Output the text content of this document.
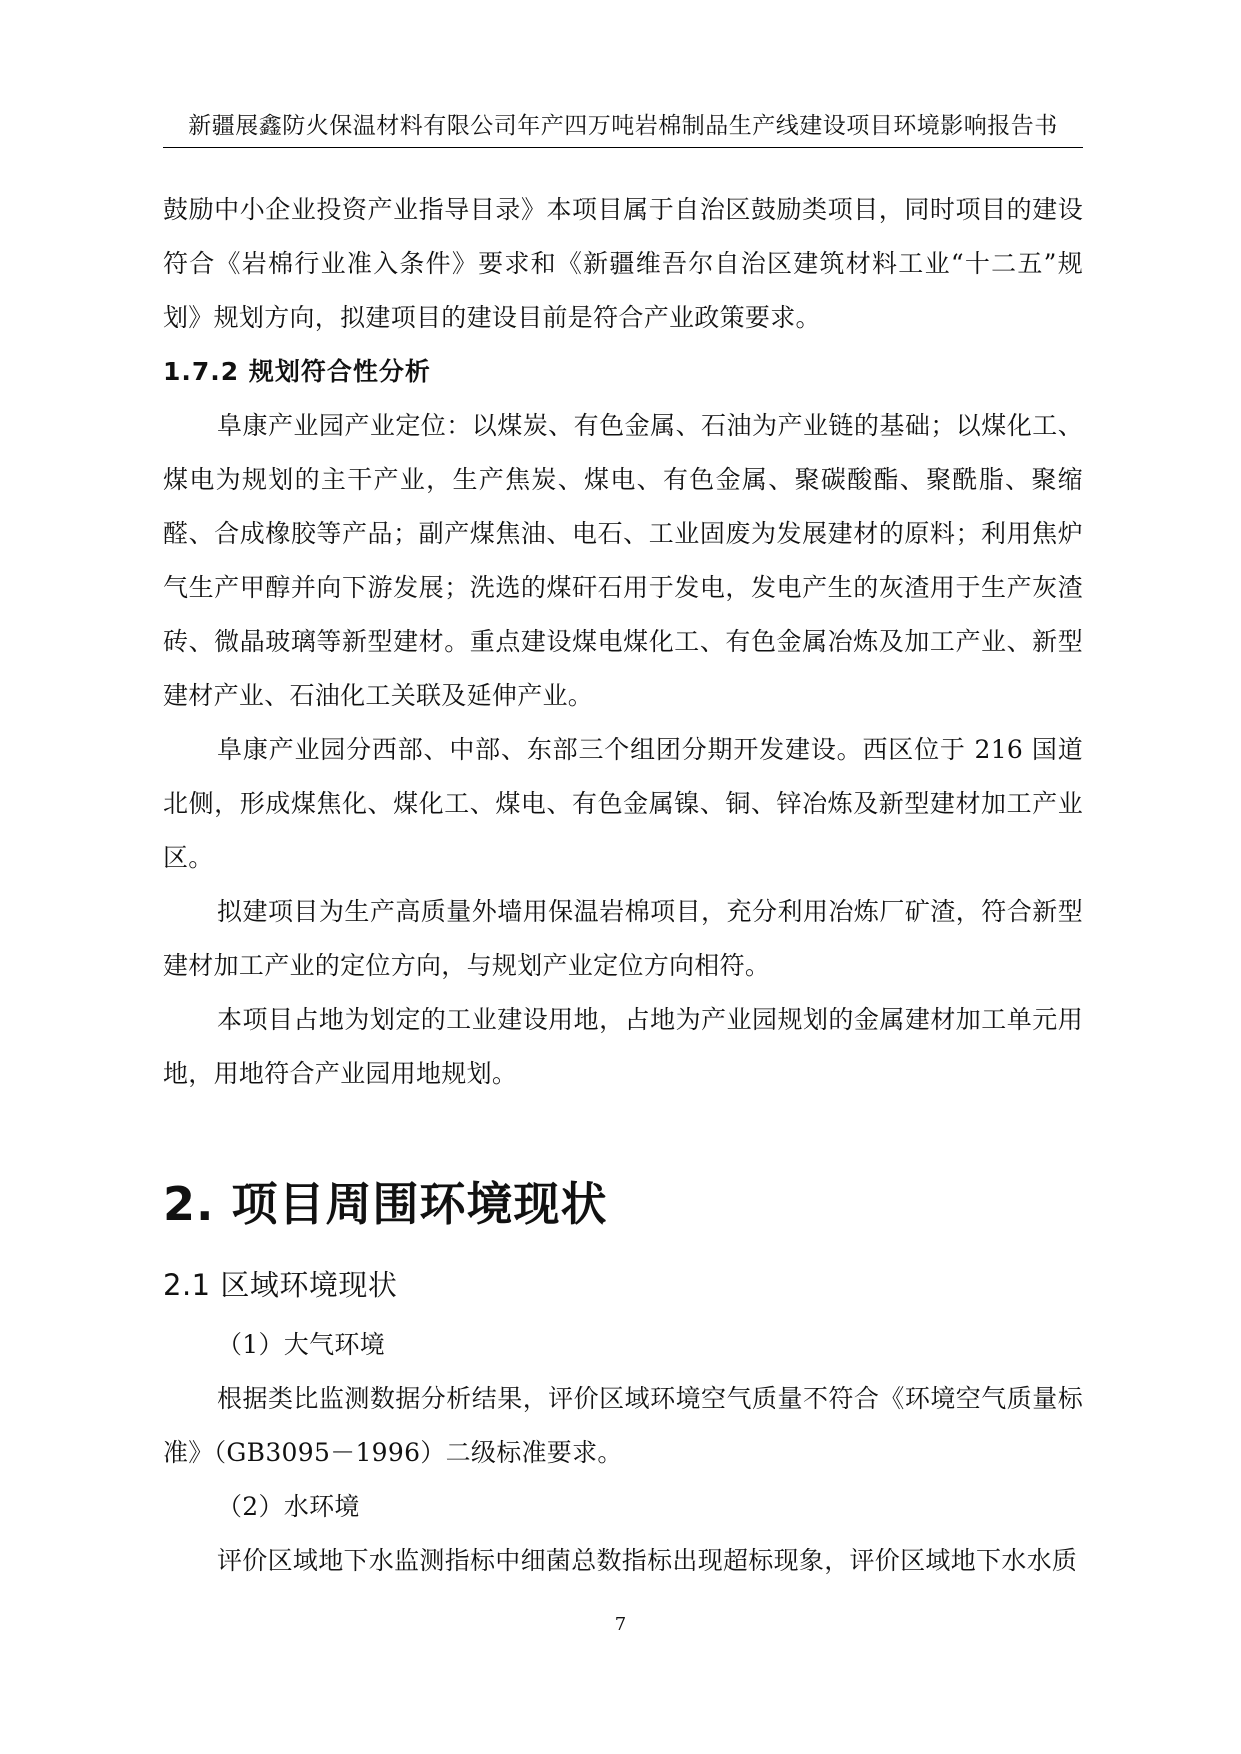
新疆展鑫防火保温材料有限公司年产四万吨岩棉制品生产线建设项目环境影响报告书

鼓励中小企业投资产业指导目录》本项目属于自治区鼓励类项目，同时项目的建设符合《岩棉行业准入条件》要求和《新疆维吾尔自治区建筑材料工业“十二五”规划》规划方向，拟建项目的建设目前是符合产业政策要求。

1.7.2 规划符合性分析

阜康产业园产业定位：以煤炭、有色金属、石油为产业链的基础；以煤化工、煤电为规划的主干产业，生产焦炭、煤电、有色金属、聚碳酸酯、聚酰脂、聚缩醛、合成橡胶等产品；副产煤焦油、电石、工业固废为发展建材的原料；利用焦炉气生产甲醇并向下游发展；洗选的煤矸石用于发电，发电产生的灰渣用于生产灰渣砖、微晶玻璃等新型建材。重点建设煤电煤化工、有色金属冶炼及加工产业、新型建材产业、石油化工关联及延伸产业。

阜康产业园分西部、中部、东部三个组团分期开发建设。西区位于 216 国道北侧，形成煤焦化、煤化工、煤电、有色金属镍、铜、锌冶炼及新型建材加工产业区。

拟建项目为生产高质量外墙用保温岩棉项目，充分利用冶炼厂矿渣，符合新型建材加工产业的定位方向，与规划产业定位方向相符。

本项目占地为划定的工业建设用地，占地为产业园规划的金属建材加工单元用地，用地符合产业园用地规划。

2. 项目周围环境现状
2.1 区域环境现状

（1）大气环境

根据类比监测数据分析结果，评价区域环境空气质量不符合《环境空气质量标准》（GB3095－1996）二级标准要求。

（2）水环境

评价区域地下水监测指标中细菌总数指标出现超标现象，评价区域地下水水质

7
